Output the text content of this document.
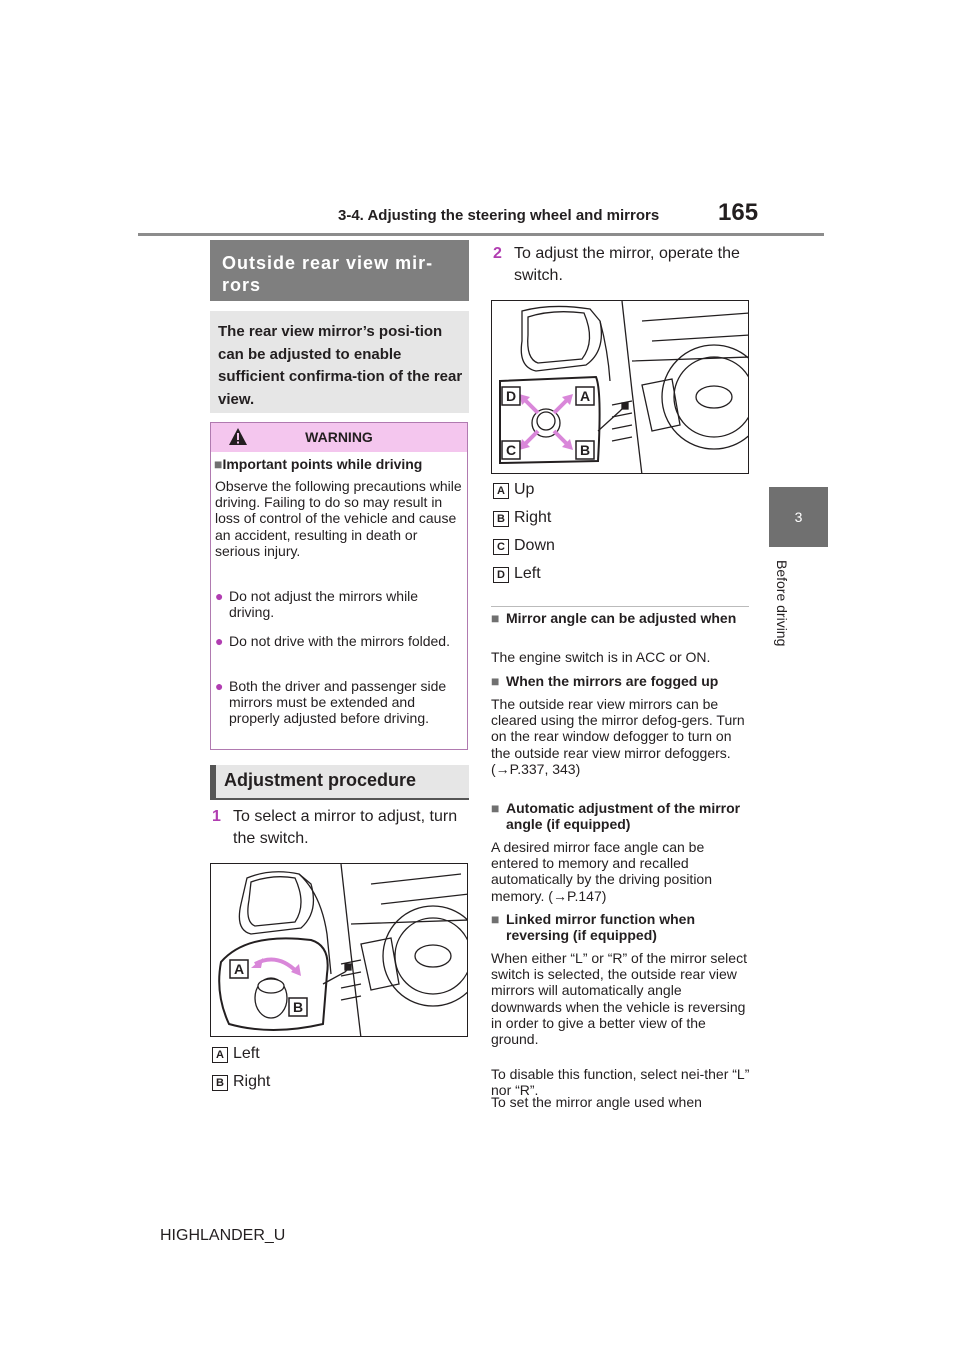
3-4. Adjusting the steering wheel and mirrors 165
3
Before driving
Outside rear view mir-rors
The rear view mirror’s posi-tion can be adjusted to enable sufficient confirma-tion of the rear view.
WARNING
■Important points while driving
Observe the following precautions while driving. Failing to do so may result in loss of control of the vehicle and cause an accident, resulting in death or serious injury.
● Do not adjust the mirrors while driving.
● Do not drive with the mirrors folded.
● Both the driver and passenger side mirrors must be extended and properly adjusted before driving.
Adjustment procedure
1 To select a mirror to adjust, turn the switch.
A
B
A Left
B Right
2 To adjust the mirror, operate the switch.
D	A
C	B
A Up
B Right
C Down
D Left
■ Mirror angle can be adjusted when
The engine switch is in ACC or ON.
■ When the mirrors are fogged up
The outside rear view mirrors can be cleared using the mirror defog-gers. Turn on the rear window defogger to turn on the outside rear view mirror defoggers. (→P.337, 343)
■ Automatic adjustment of the mirror angle (if equipped)
A desired mirror face angle can be entered to memory and recalled automatically by the driving position memory. (→P.147)
■ Linked mirror function when reversing (if equipped)
When either “L” or “R” of the mirror select switch is selected, the outside rear view mirrors will automatically angle downwards when the vehicle is reversing in order to give a better view of the ground.
To disable this function, select nei-ther “L” nor “R”.
To set the mirror angle used when
HIGHLANDER_U
